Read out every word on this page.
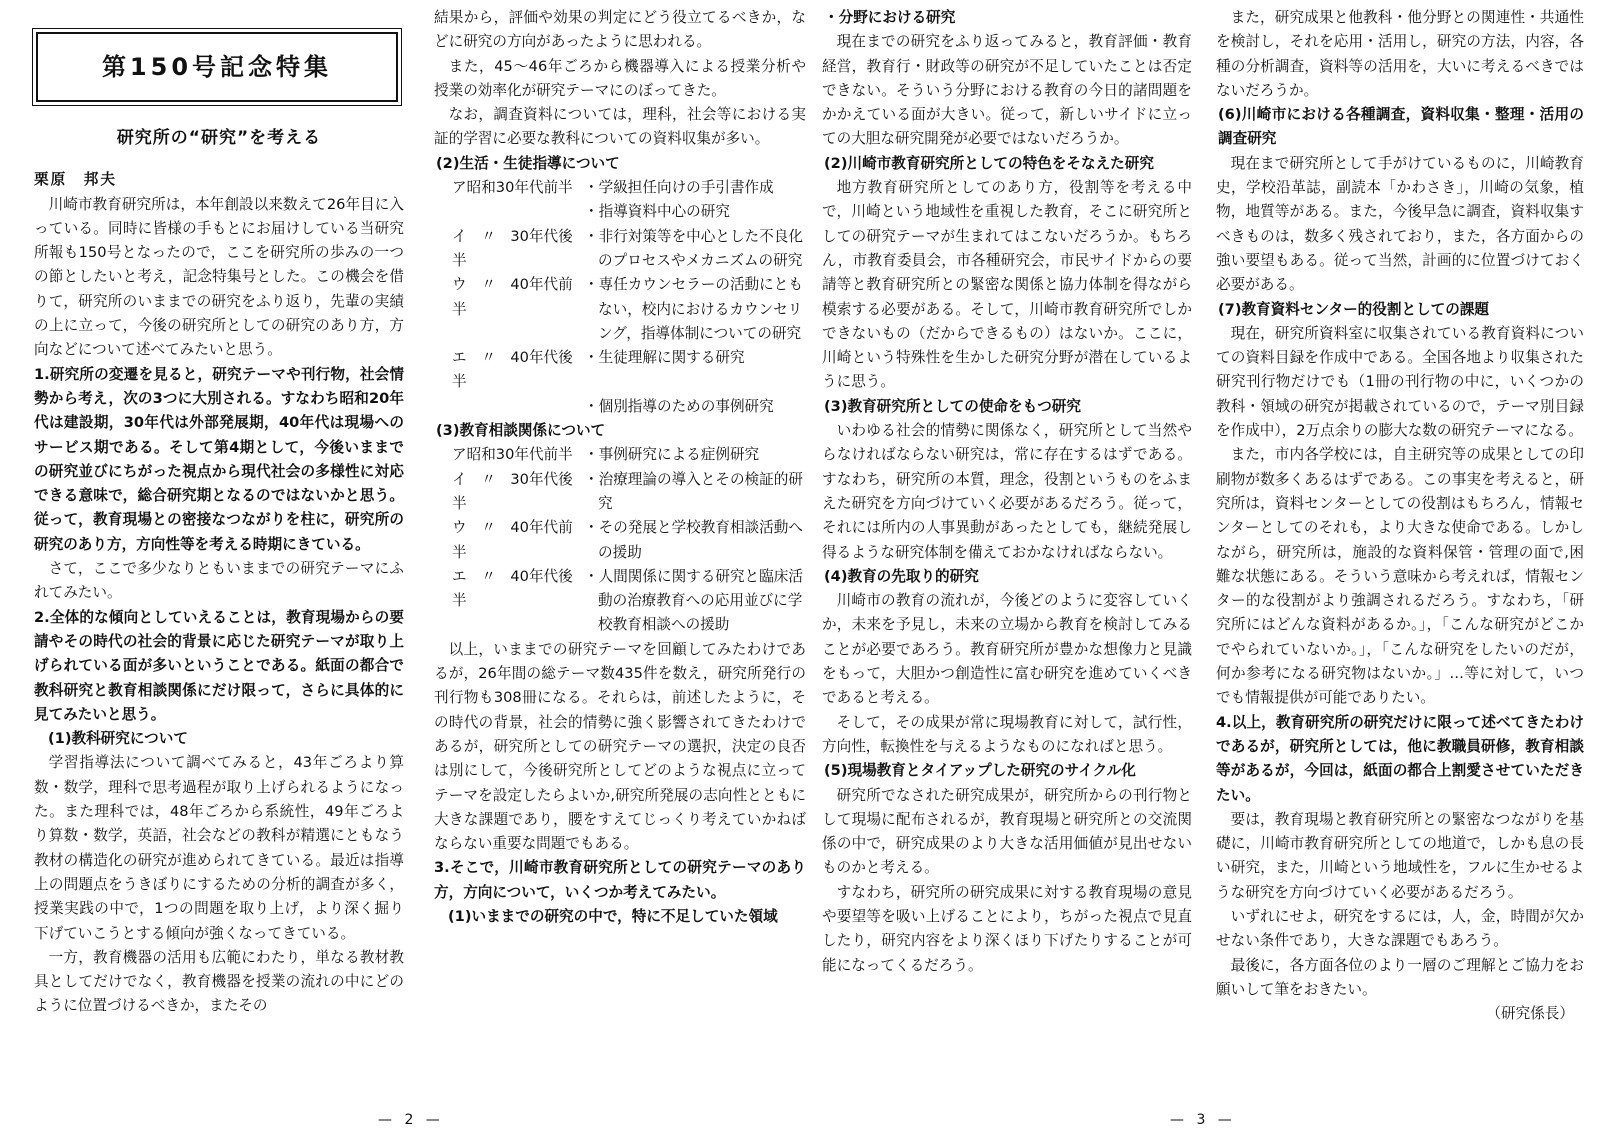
第150号記念特集
研究所の“研究”を考える

栗原　邦夫

川崎市教育研究所は，本年創設以来数えて26年目に入っている。同時に皆様の手もとにお届けしている当研究所報も150号となったので，ここを研究所の歩みの一つの節としたいと考え，記念特集号とした。この機会を借りて，研究所のいままでの研究をふり返り，先輩の実績の上に立って，今後の研究所としての研究のあり方，方向などについて述べてみたいと思う。

1.研究所の変遷を見ると，研究テーマや刊行物，社会情勢から考え，次の3つに大別される。すなわち昭和20年代は建設期，30年代は外部発展期，40年代は現場へのサービス期である。そして第4期として，今後いままでの研究並びにちがった視点から現代社会の多様性に対応できる意味で，総合研究期となるのではないかと思う。従って，教育現場との密接なつながりを柱に，研究所の研究のあり方，方向性等を考える時期にきている。

さて，ここで多少なりともいままでの研究テーマにふれてみたい。

2.全体的な傾向としていえることは，教育現場からの要請やその時代の社会的背景に応じた研究テーマが取り上げられている面が多いということである。紙面の都合で教科研究と教育相談関係にだけ限って，さらに具体的に見てみたいと思う。

(1)教科研究について

学習指導法について調べてみると，43年ごろより算数・数学，理科で思考過程が取り上げられるようになった。また理科では，48年ごろから系統性，49年ごろより算数・数学，英語，社会などの教科が精選にともなう教材の構造化の研究が進められてきている。最近は指導上の問題点をうきぼりにするための分析的調査が多く，授業実践の中で，1つの問題を取り上げ，より深く掘り下げていこうとする傾向が強くなってきている。

一方，教育機器の活用も広範にわたり，単なる教材教具としてだけでなく，教育機器を授業の流れの中にどのように位置づけるべきか，またその

結果から，評価や効果の判定にどう役立てるべきか，などに研究の方向があったように思われる。

また，45～46年ごろから機器導入による授業分析や授業の効率化が研究テーマにのぼってきた。

なお，調査資料については，理科，社会等における実証的学習に必要な教科についての資料収集が多い。

(2)生活・生徒指導について

ア昭和30年代前半 ・学級担任向けの手引書作成
・指導資料中心の研究
イ　〃　30年代後半
・非行対策等を中心とした不良化のプロセスやメカニズムの研究
ウ　〃　40年代前半
・専任カウンセラーの活動にともない，校内におけるカウンセリング，指導体制についての研究
エ　〃　40年代後半
・生徒理解に関する研究
・個別指導のための事例研究

(3)教育相談関係について

ア昭和30年代前半 ・事例研究による症例研究
イ　〃　30年代後半
・治療理論の導入とその検証的研究
ウ　〃　40年代前半
・その発展と学校教育相談活動への援助
エ　〃　40年代後半
・人間関係に関する研究と臨床活動の治療教育への応用並びに学校教育相談への援助

以上，いままでの研究テーマを回顧してみたわけであるが，26年間の総テーマ数435件を数え，研究所発行の刊行物も308冊になる。それらは，前述したように，その時代の背景，社会的情勢に強く影響されてきたわけであるが，研究所としての研究テーマの選択，決定の良否は別にして，今後研究所としてどのような視点に立ってテーマを設定したらよいか,研究所発展の志向性とともに大きな課題であり，腰をすえてじっくり考えていかねばならない重要な問題でもある。

3.そこで，川崎市教育研究所としての研究テーマのあり方，方向について，いくつか考えてみたい。

(1)いままでの研究の中で，特に不足していた領域

・分野における研究

現在までの研究をふり返ってみると，教育評価・教育経営，教育行・財政等の研究が不足していたことは否定できない。そういう分野における教育の今日的諸問題をかかえている面が大きい。従って，新しいサイドに立っての大胆な研究開発が必要ではないだろうか。

(2)川崎市教育研究所としての特色をそなえた研究

地方教育研究所としてのあり方，役割等を考える中で，川崎という地域性を重視した教育，そこに研究所としての研究テーマが生まれてはこないだろうか。もちろん，市教育委員会，市各種研究会，市民サイドからの要請等と教育研究所との緊密な関係と協力体制を得ながら模索する必要がある。そして，川崎市教育研究所でしかできないもの（だからできるもの）はないか。ここに，川崎という特殊性を生かした研究分野が潜在しているように思う。

(3)教育研究所としての使命をもつ研究

いわゆる社会的情勢に関係なく，研究所として当然やらなければならない研究は，常に存在するはずである。すなわち，研究所の本質，理念，役割というものをふまえた研究を方向づけていく必要があるだろう。従って，それには所内の人事異動があったとしても，継続発展し得るような研究体制を備えておかなければならない。

(4)教育の先取り的研究

川崎市の教育の流れが，今後どのように変容していくか，未来を予見し，未来の立場から教育を検討してみることが必要であろう。教育研究所が豊かな想像力と見識をもって，大胆かつ創造性に富む研究を進めていくべきであると考える。

そして，その成果が常に現場教育に対して，試行性，方向性，転換性を与えるようなものになればと思う。

(5)現場教育とタイアップした研究のサイクル化

研究所でなされた研究成果が，研究所からの刊行物として現場に配布されるが，教育現場と研究所との交流関係の中で，研究成果のより大きな活用価値が見出せないものかと考える。

すなわち，研究所の研究成果に対する教育現場の意見や要望等を吸い上げることにより，ちがった視点で見直したり，研究内容をより深くほり下げたりすることが可能になってくるだろう。

また，研究成果と他教科・他分野との関連性・共通性を検討し，それを応用・活用し，研究の方法，内容，各種の分析調査，資料等の活用を，大いに考えるべきではないだろうか。

(6)川崎市における各種調査，資料収集・整理・活用の調査研究

現在まで研究所として手がけているものに，川崎教育史，学校沿革誌，副読本「かわさき」，川崎の気象，植物，地質等がある。また，今後早急に調査，資料収集すべきものは，数多く残されており，また，各方面からの強い要望もある。従って当然，計画的に位置づけておく必要がある。

(7)教育資料センター的役割としての課題

現在，研究所資料室に収集されている教育資料についての資料目録を作成中である。全国各地より収集された研究刊行物だけでも（1冊の刊行物の中に，いくつかの教科・領域の研究が掲載されているので，テーマ別目録を作成中），2万点余りの膨大な数の研究テーマになる。

また，市内各学校には，自主研究等の成果としての印刷物が数多くあるはずである。この事実を考えると，研究所は，資料センターとしての役割はもちろん，情報センターとしてのそれも，より大きな使命である。しかしながら，研究所は，施設的な資料保管・管理の面で,困難な状態にある。そういう意味から考えれば，情報センター的な役割がより強調されるだろう。すなわち，「研究所にはどんな資料があるか。」，「こんな研究がどこかでやられていないか。」，「こんな研究をしたいのだが，何か参考になる研究物はないか。」…等に対して，いつでも情報提供が可能でありたい。

4.以上，教育研究所の研究だけに限って述べてきたわけであるが，研究所としては，他に教職員研修，教育相談等があるが，今回は，紙面の都合上割愛させていただきたい。

要は，教育現場と教育研究所との緊密なつながりを基礎に，川崎市教育研究所としての地道で，しかも息の長い研究，また，川崎という地域性を，フルに生かせるような研究を方向づけていく必要があるだろう。

いずれにせよ，研究をするには，人，金，時間が欠かせない条件であり，大きな課題でもあろう。

最後に，各方面各位のより一層のご理解とご協力をお願いして筆をおきたい。

（研究係長）

— 2 —	— 3 —
